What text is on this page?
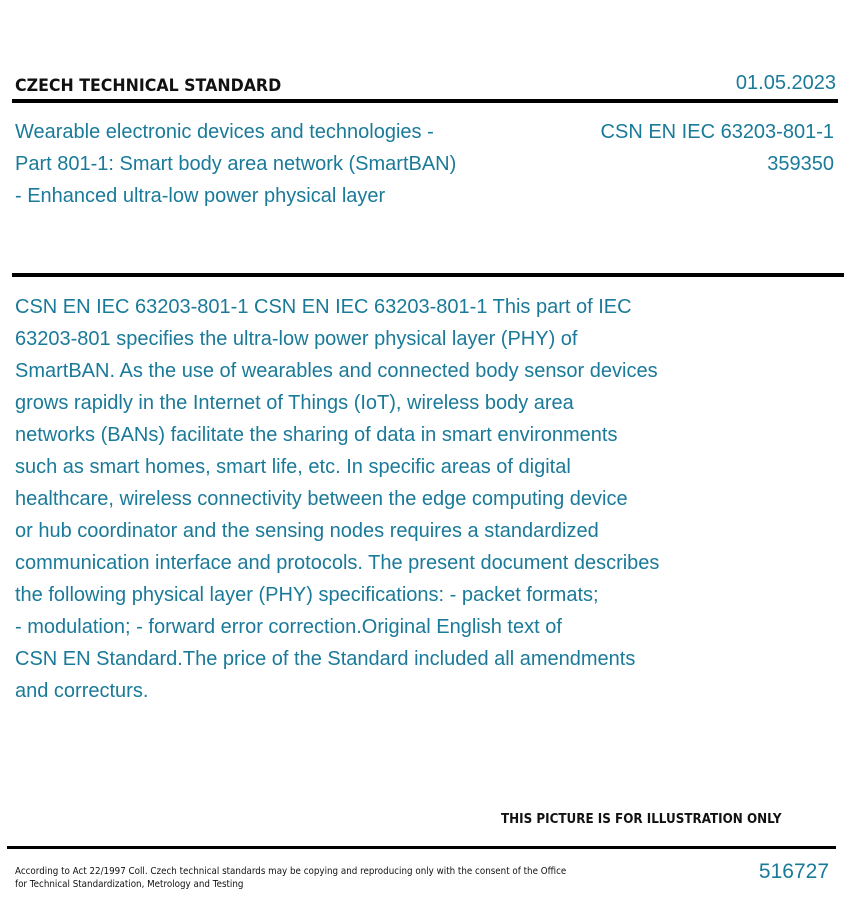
CZECH TECHNICAL STANDARD	01.05.2023
Wearable electronic devices and technologies -
Part 801-1: Smart body area network (SmartBAN)
- Enhanced ultra-low power physical layer
CSN EN IEC 63203-801-1
359350
CSN EN IEC 63203-801-1 CSN EN IEC 63203-801-1 This part of IEC
63203-801 specifies the ultra-low power physical layer (PHY) of
SmartBAN. As the use of wearables and connected body sensor devices
grows rapidly in the Internet of Things (IoT), wireless body area
networks (BANs) facilitate the sharing of data in smart environments
such as smart homes, smart life, etc. In specific areas of digital
healthcare, wireless connectivity between the edge computing device
or hub coordinator and the sensing nodes requires a standardized
communication interface and protocols. The present document describes
the following physical layer (PHY) specifications: - packet formats;
- modulation; - forward error correction.Original English text of
CSN EN Standard.The price of the Standard included all amendments
and correcturs.
THIS PICTURE IS FOR ILLUSTRATION ONLY
According to Act 22/1997 Coll. Czech technical standards may be copying and reproducing only with the consent of the Office
for Technical Standardization, Metrology and Testing
516727
